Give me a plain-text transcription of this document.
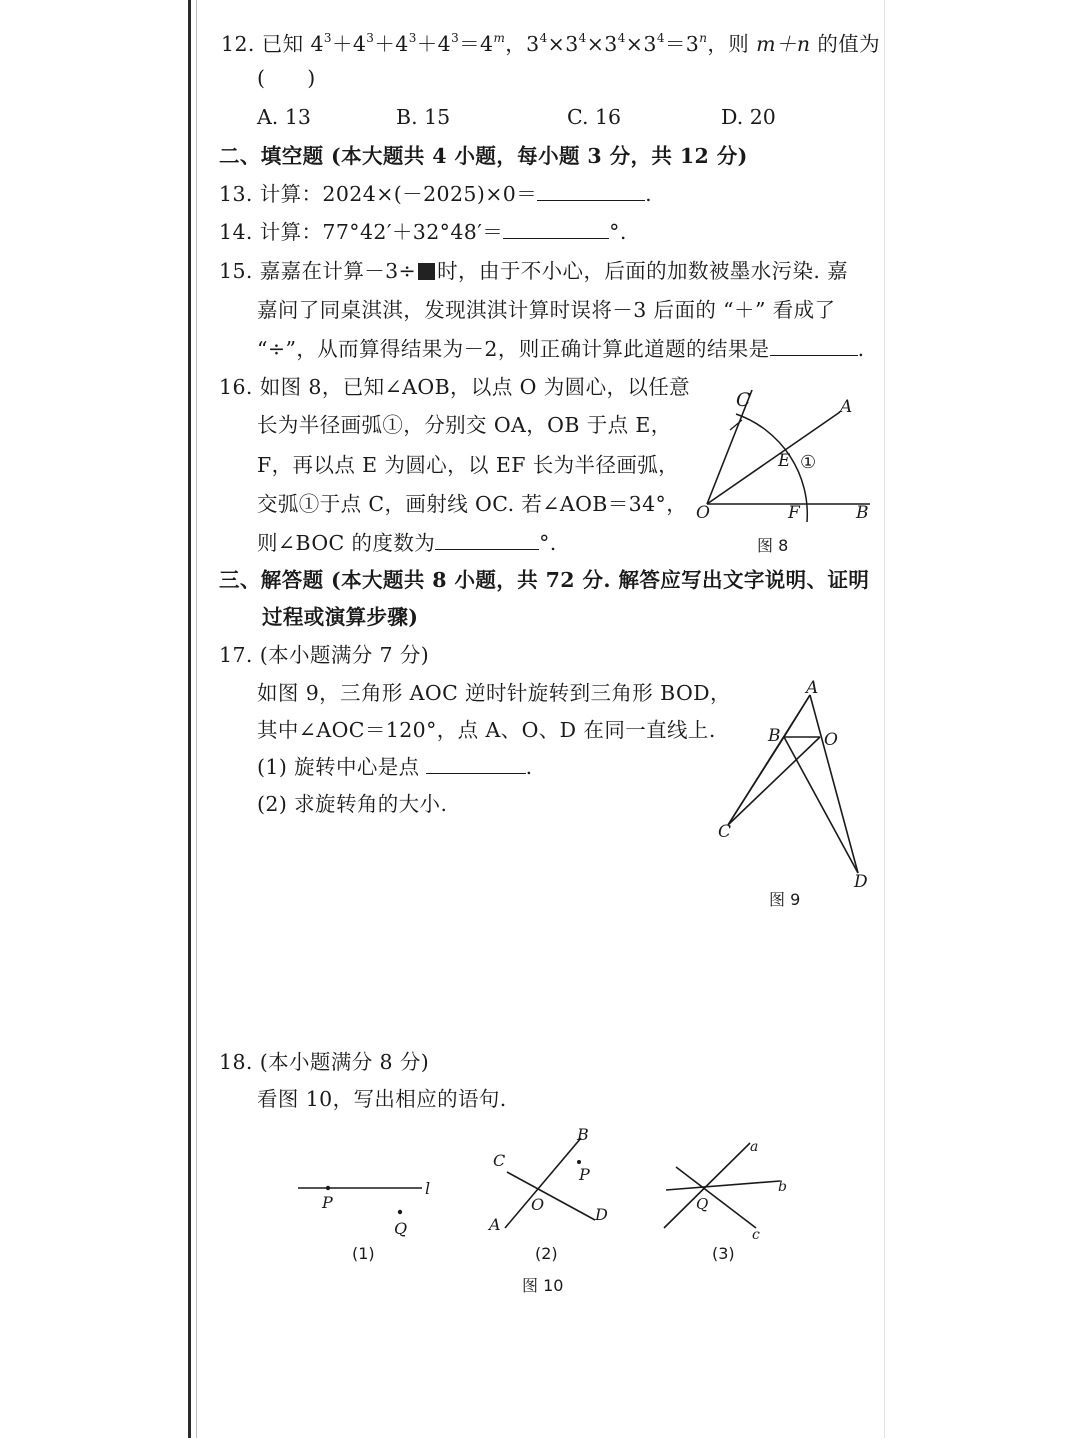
12. 已知 $4^3+4^3+4^3+4^3=4^m$，$3^4\times 3^4\times 3^4\times 3^4=3^n$，则 m＋n 的值为
(　　)
A. 13	B. 15	C. 16	D. 20
二、填空题 (本大题共 4 小题，每小题 3 分，共 12 分)
13. 计算：2024×(－2025)×0＝	.
14. 计算：77°42′＋32°48′＝	°.
15. 嘉嘉在计算－3÷ 时，由于不小心，后面的加数被墨水污染. 嘉
嘉问了同桌淇淇，发现淇淇计算时误将－3 后面的 “＋” 看成了
“÷”，从而算得结果为－2，则正确计算此道题的结果是	.
16. 如图 8，已知∠AOB，以点 O 为圆心，以任意
长为半径画弧①，分别交 OA，OB 于点 E，
F，再以点 E 为圆心，以 EF 长为半径画弧，
交弧①于点 C，画射线 OC. 若∠AOB＝34°，
则∠BOC 的度数为	°.
C	A
E ①
O	F	B
图 8
三、解答题 (本大题共 8 小题，共 72 分. 解答应写出文字说明、证明
过程或演算步骤)
17. (本小题满分 7 分)
如图 9，三角形 AOC 逆时针旋转到三角形 BOD，
其中∠AOC＝120°，点 A、O、D 在同一直线上.
(1) 旋转中心是点	.
(2) 求旋转角的大小.
A
B	O
C
D
图 9
18. (本小题满分 8 分)
看图 10，写出相应的语句.
P
l
Q
(1)
B
C
P
O
A
D
(2)
a
b
Q
c
(3)
图 10
